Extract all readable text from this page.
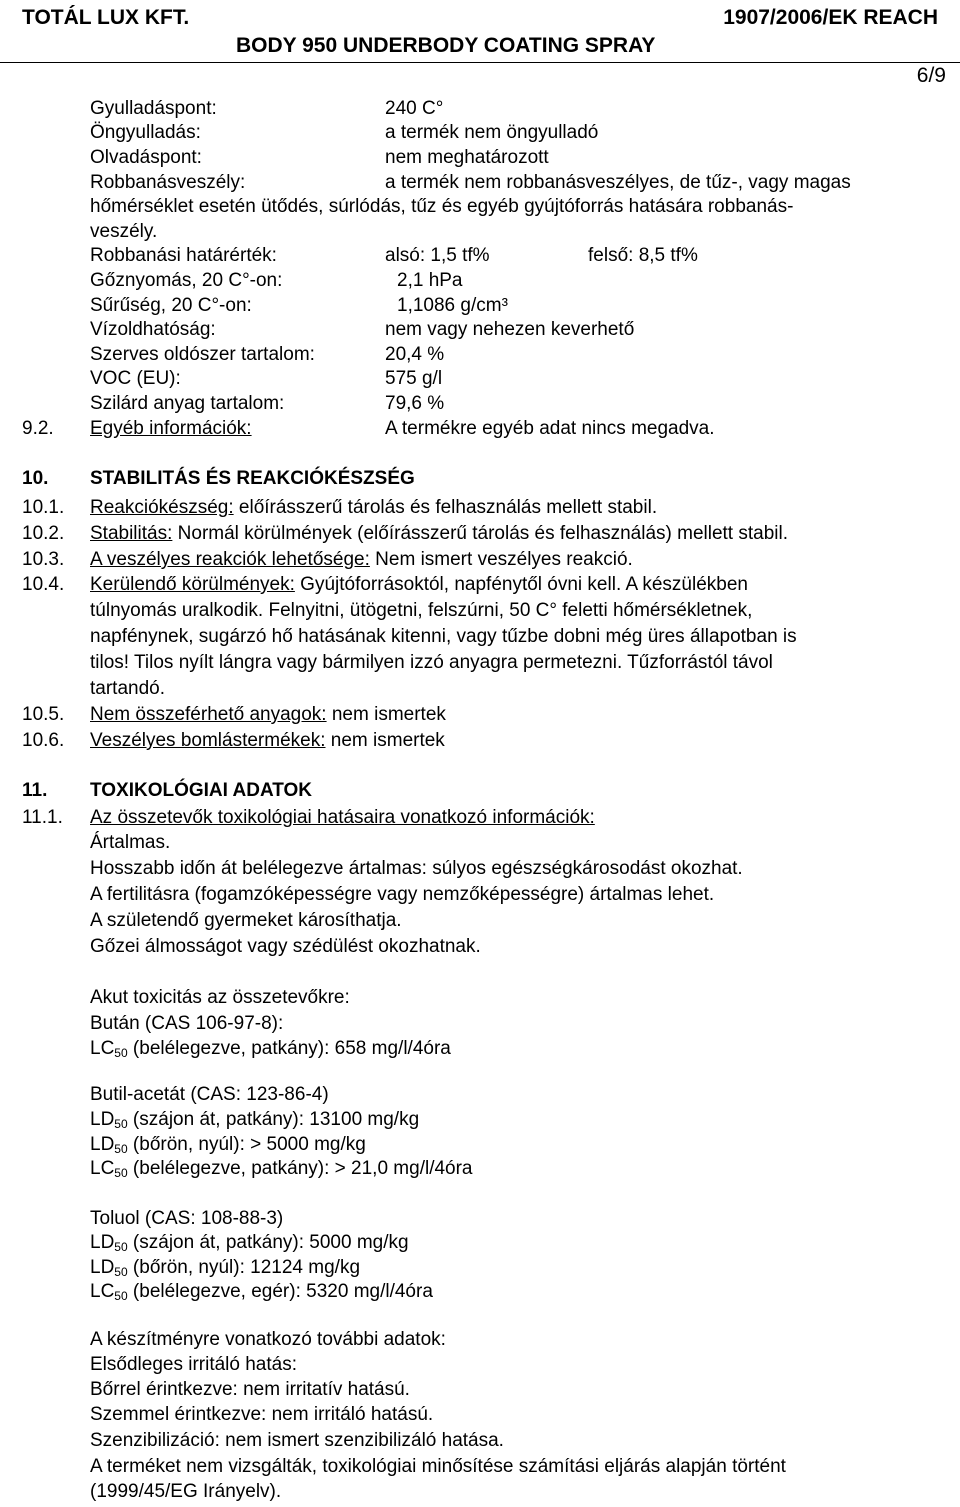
TOTÁL LUX KFT.	1907/2006/EK REACH
BODY 950 UNDERBODY COATING SPRAY
6/9
Gyulladáspont:	240 C°
Öngyulladás:	a termék nem öngyulladó
Olvadáspont:	nem meghatározott
Robbanásveszély:	a termék nem robbanásveszélyes, de tűz-, vagy magas
hőmérséklet esetén ütődés, súrlódás, tűz és egyéb gyújtóforrás hatására robbanás-
veszély.
Robbanási határérték:	alsó: 1,5 tf%	felső: 8,5 tf%
Gőznyomás, 20 C°-on:	2,1 hPa
Sűrűség, 20 C°-on:	1,1086 g/cm³
Vízoldhatóság:	nem vagy nehezen keverhető
Szerves oldószer tartalom:	20,4 %
VOC (EU):	575 g/l
Szilárd anyag tartalom:	79,6 %
9.2. Egyéb információk:	A termékre egyéb adat nincs megadva.
10. STABILITÁS ÉS REAKCIÓKÉSZSÉG
10.1. Reakciókészség: előírásszerű tárolás és felhasználás mellett stabil.
10.2. Stabilitás: Normál körülmények (előírásszerű tárolás és felhasználás) mellett stabil.
10.3. A veszélyes reakciók lehetősége: Nem ismert veszélyes reakció.
10.4. Kerülendő körülmények: Gyújtóforrásoktól, napfénytől óvni kell. A készülékben
túlnyomás uralkodik. Felnyitni, ütögetni, felszúrni, 50 C° feletti hőmérsékletnek,
napfénynek, sugárzó hő hatásának kitenni, vagy tűzbe dobni még üres állapotban is
tilos! Tilos nyílt lángra vagy bármilyen izzó anyagra permetezni. Tűzforrástól távol
tartandó.
10.5. Nem összeférhető anyagok: nem ismertek
10.6. Veszélyes bomlástermékek: nem ismertek
11. TOXIKOLÓGIAI ADATOK
11.1. Az összetevők toxikológiai hatásaira vonatkozó információk:
Ártalmas.
Hosszabb időn át belélegezve ártalmas: súlyos egészségkárosodást okozhat.
A fertilitásra (fogamzóképességre vagy nemzőképességre) ártalmas lehet.
A születendő gyermeket károsíthatja.
Gőzei álmosságot vagy szédülést okozhatnak.
Akut toxicitás az összetevőkre:
Bután (CAS 106-97-8):
$LC_{50}$ (belélegezve, patkány): 658 mg/l/4óra
Butil-acetát (CAS: 123-86-4)
$LD_{50}$ (szájon át, patkány): 13100 mg/kg
$LD_{50}$ (bőrön, nyúl): > 5000 mg/kg
$LC_{50}$ (belélegezve, patkány): > 21,0 mg/l/4óra
Toluol (CAS: 108-88-3)
$LD_{50}$ (szájon át, patkány): 5000 mg/kg
$LD_{50}$ (bőrön, nyúl): 12124 mg/kg
$LC_{50}$ (belélegezve, egér): 5320 mg/l/4óra
A készítményre vonatkozó további adatok:
Elsődleges irritáló hatás:
Bőrrel érintkezve: nem irritatív hatású.
Szemmel érintkezve: nem irritáló hatású.
Szenzibilizáció: nem ismert szenzibilizáló hatása.
A terméket nem vizsgálták, toxikológiai minősítése számítási eljárás alapján történt
(1999/45/EG Irányelv).
